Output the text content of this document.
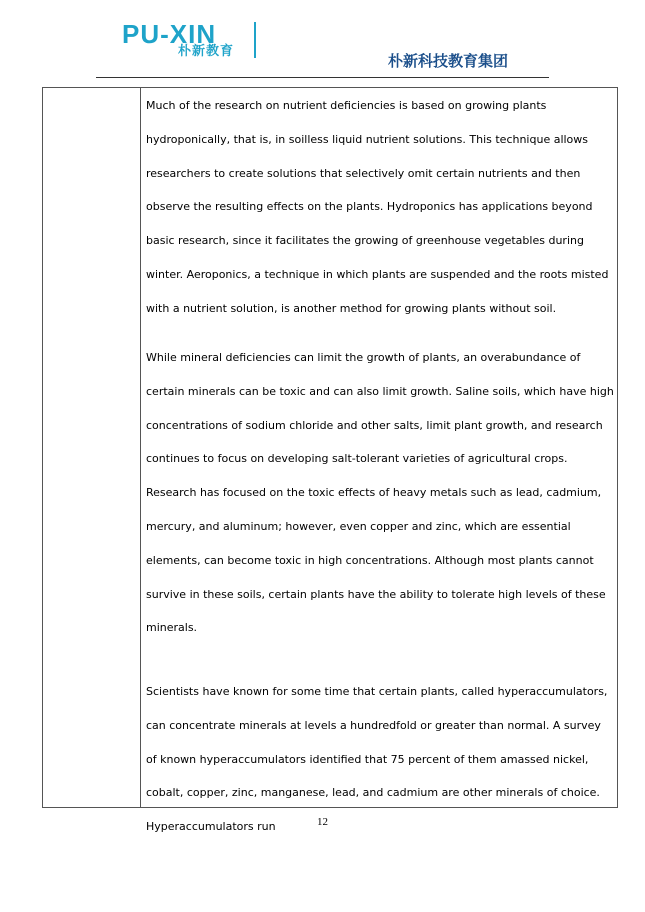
PU-XIN
朴新教育
朴新科技教育集团

Much of the research on nutrient deficiencies is based on growing plants hydroponically, that is, in soilless liquid nutrient solutions. This technique allows researchers to create solutions that selectively omit certain nutrients and then observe the resulting effects on the plants. Hydroponics has applications beyond basic research, since it facilitates the growing of greenhouse vegetables during winter. Aeroponics, a technique in which plants are suspended and the roots misted with a nutrient solution, is another method for growing plants without soil.

While mineral deficiencies can limit the growth of plants, an overabundance of certain minerals can be toxic and can also limit growth. Saline soils, which have high concentrations of sodium chloride and other salts, limit plant growth, and research continues to focus on developing salt-tolerant varieties of agricultural crops. Research has focused on the toxic effects of heavy metals such as lead, cadmium, mercury, and aluminum; however, even copper and zinc, which are essential elements, can become toxic in high concentrations. Although most plants cannot survive in these soils, certain plants have the ability to tolerate high levels of these minerals.

Scientists have known for some time that certain plants, called hyperaccumulators, can concentrate minerals at levels a hundredfold or greater than normal. A survey of known hyperaccumulators identified that 75 percent of them amassed nickel, cobalt, copper, zinc, manganese, lead, and cadmium are other minerals of choice. Hyperaccumulators run	12
